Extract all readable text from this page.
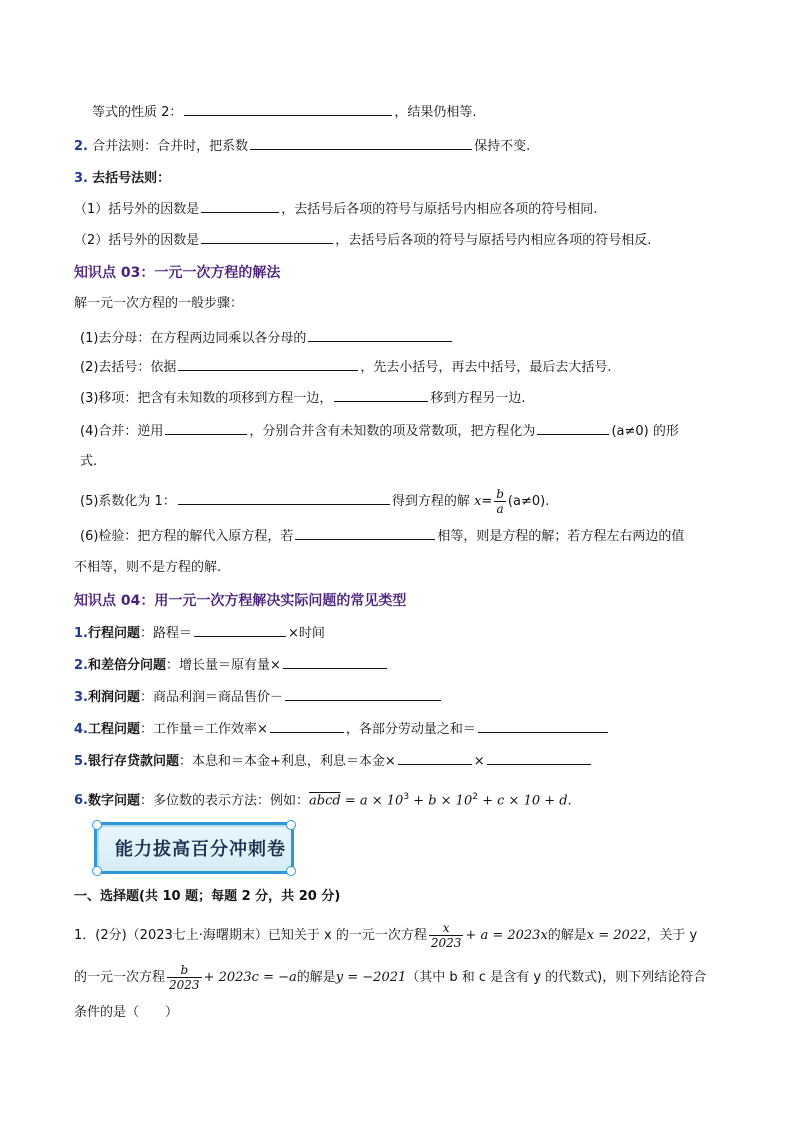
等式的性质 2：	，结果仍相等.
2. 合并法则：合并时，把系数	保持不变.
3. 去括号法则：
（1）括号外的因数是	，去括号后各项的符号与原括号内相应各项的符号相同.
（2）括号外的因数是	，去括号后各项的符号与原括号内相应各项的符号相反.
知识点 03：一元一次方程的解法
解一元一次方程的一般步骤：
(1)去分母：在方程两边同乘以各分母的
(2)去括号：依据	，先去小括号，再去中括号，最后去大括号.
(3)移项：把含有未知数的项移到方程一边，	移到方程另一边.
(4)合并：逆用	，分别合并含有未知数的项及常数项，把方程化为	(a≠0) 的形
式.
(5)系数化为 1：	得到方程的解 $x= \frac{b}{a} (a\ne 0)$.
(6)检验：把方程的解代入原方程，若	相等，则是方程的解；若方程左右两边的值
不相等，则不是方程的解.
知识点 04：用一元一次方程解决实际问题的常见类型
1.行程问题：路程＝	×时间
2.和差倍分问题：增长量＝原有量×
3.利润问题：商品利润＝商品售价－
4.工程问题：工作量＝工作效率×	，各部分劳动量之和＝
5.银行存贷款问题：本息和＝本金+利息，利息＝本金×	×
6.数字问题：多位数的表示方法：例如：abcd = $a \times 10^3 + b \times 10^2 + c \times 10 + d$.
能力拔高百分冲刺卷
一、选择题(共 10 题；每题 2 分，共 20 分)
1．(2分)（2023七上·海曙期末）已知关于 x 的一元一次方程 $\frac{x}{2023} + a = 2023x$的解是x = 2022，关于 y
的一元一次方程 $\frac{b}{2023} + 2023c = -a$的解是y = −2021（其中 b 和 c 是含有 y 的代数式)，则下列结论符合
条件的是（　　）
